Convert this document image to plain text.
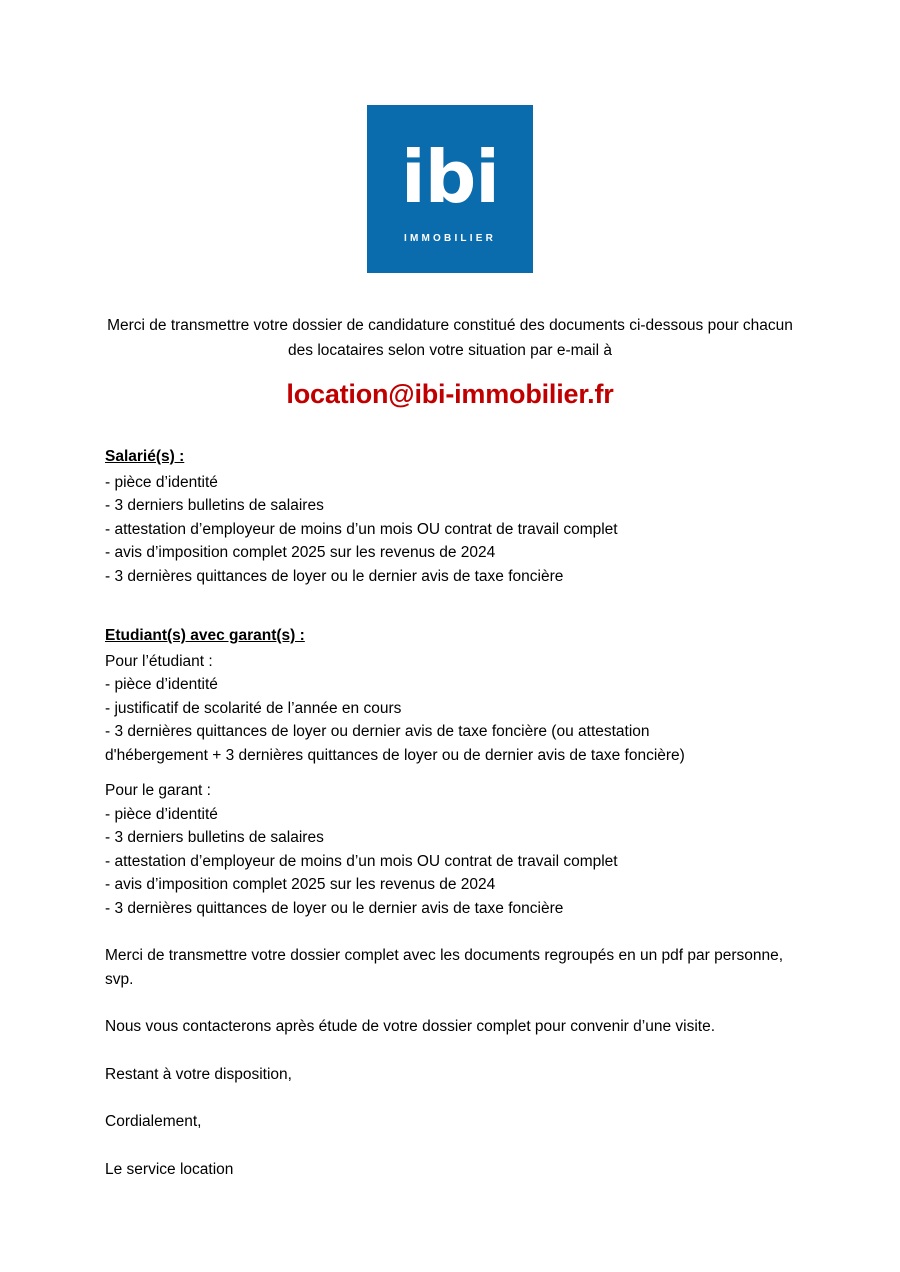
ibi
IMMOBILIER
Merci de transmettre votre dossier de candidature constitué des documents ci-dessous pour chacun des locataires selon votre situation par e-mail à
location@ibi-immobilier.fr
Salarié(s) :
- pièce d’identité
- 3 derniers bulletins de salaires
- attestation d’employeur de moins d’un mois OU contrat de travail complet
- avis d’imposition complet 2025 sur les revenus de 2024
- 3 dernières quittances de loyer ou le dernier avis de taxe foncière
Etudiant(s) avec garant(s) :
Pour l’étudiant :
- pièce d’identité
- justificatif de scolarité de l’année en cours
- 3 dernières quittances de loyer ou dernier avis de taxe foncière (ou attestation
d'hébergement + 3 dernières quittances de loyer ou de dernier avis de taxe foncière)
Pour le garant :
- pièce d’identité
- 3 derniers bulletins de salaires
- attestation d’employeur de moins d’un mois OU contrat de travail complet
- avis d’imposition complet 2025 sur les revenus de 2024
- 3 dernières quittances de loyer ou le dernier avis de taxe foncière

Merci de transmettre votre dossier complet avec les documents regroupés en un pdf par personne, svp.

Nous vous contacterons après étude de votre dossier complet pour convenir d’une visite.

Restant à votre disposition,

Cordialement,

Le service location
